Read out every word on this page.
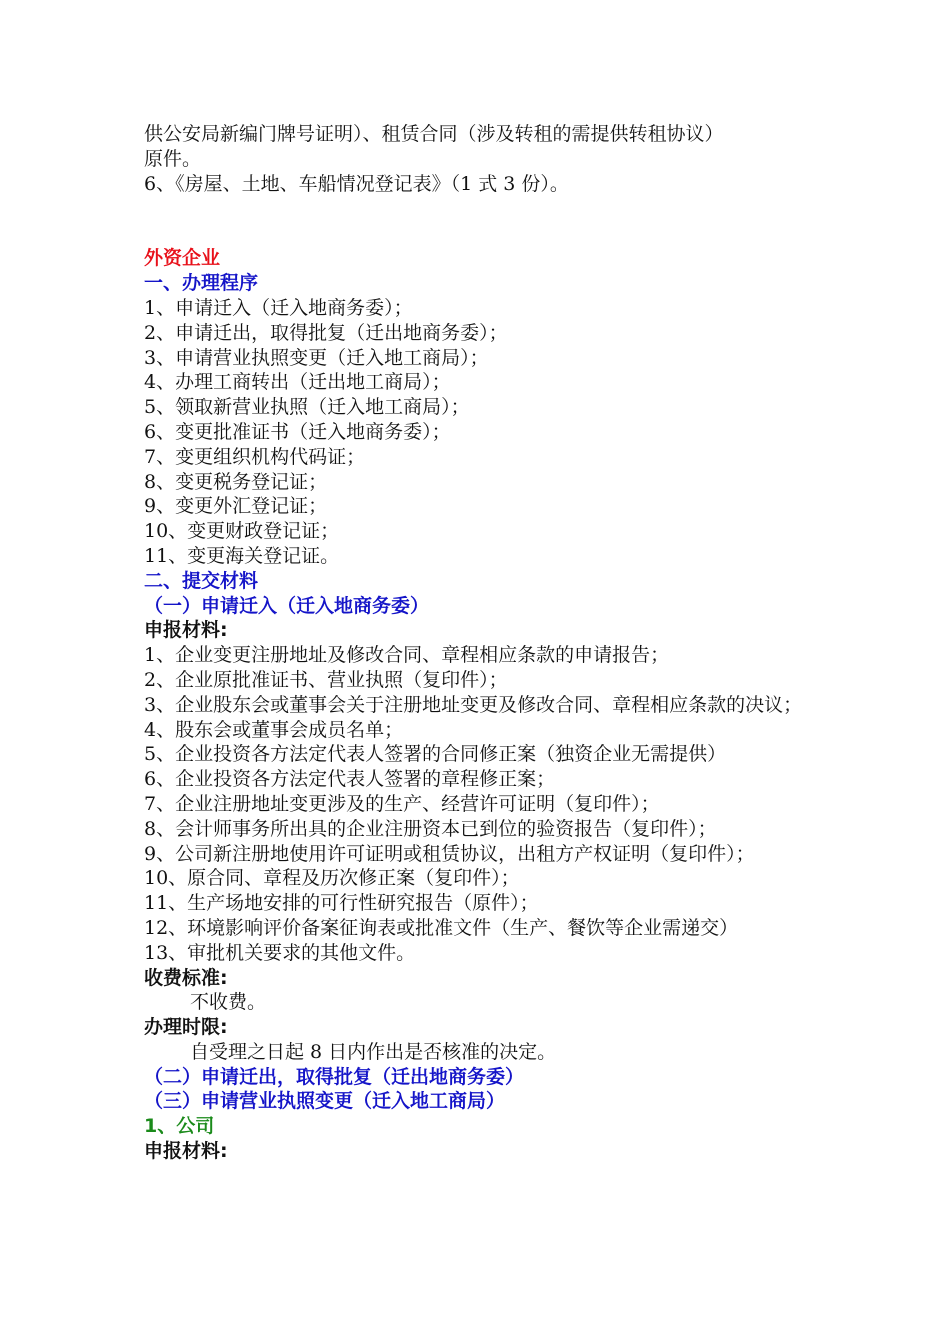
供公安局新编门牌号证明）、租赁合同（涉及转租的需提供转租协议）
原件。
6、《房屋、土地、车船情况登记表》（1 式 3 份）。
外资企业
一、办理程序
1、申请迁入（迁入地商务委）；
2、申请迁出，取得批复（迁出地商务委）；
3、申请营业执照变更（迁入地工商局）；
4、办理工商转出（迁出地工商局）；
5、领取新营业执照（迁入地工商局）；
6、变更批准证书（迁入地商务委）；
7、变更组织机构代码证；
8、变更税务登记证；
9、变更外汇登记证；
10、变更财政登记证；
11、变更海关登记证。
二、提交材料
（一）申请迁入（迁入地商务委）
申报材料:
1、企业变更注册地址及修改合同、章程相应条款的申请报告；
2、企业原批准证书、营业执照（复印件）；
3、企业股东会或董事会关于注册地址变更及修改合同、章程相应条款的决议；
4、股东会或董事会成员名单；
5、企业投资各方法定代表人签署的合同修正案（独资企业无需提供）
6、企业投资各方法定代表人签署的章程修正案；
7、企业注册地址变更涉及的生产、经营许可证明（复印件）；
8、会计师事务所出具的企业注册资本已到位的验资报告（复印件）；
9、公司新注册地使用许可证明或租赁协议，出租方产权证明（复印件）；
10、原合同、章程及历次修正案（复印件）；
11、生产场地安排的可行性研究报告（原件）；
12、环境影响评价备案征询表或批准文件（生产、餐饮等企业需递交）
13、审批机关要求的其他文件。
收费标准:
不收费。
办理时限:
自受理之日起 8 日内作出是否核准的决定。
（二）申请迁出，取得批复（迁出地商务委）
（三）申请营业执照变更（迁入地工商局）
1、公司
申报材料:
